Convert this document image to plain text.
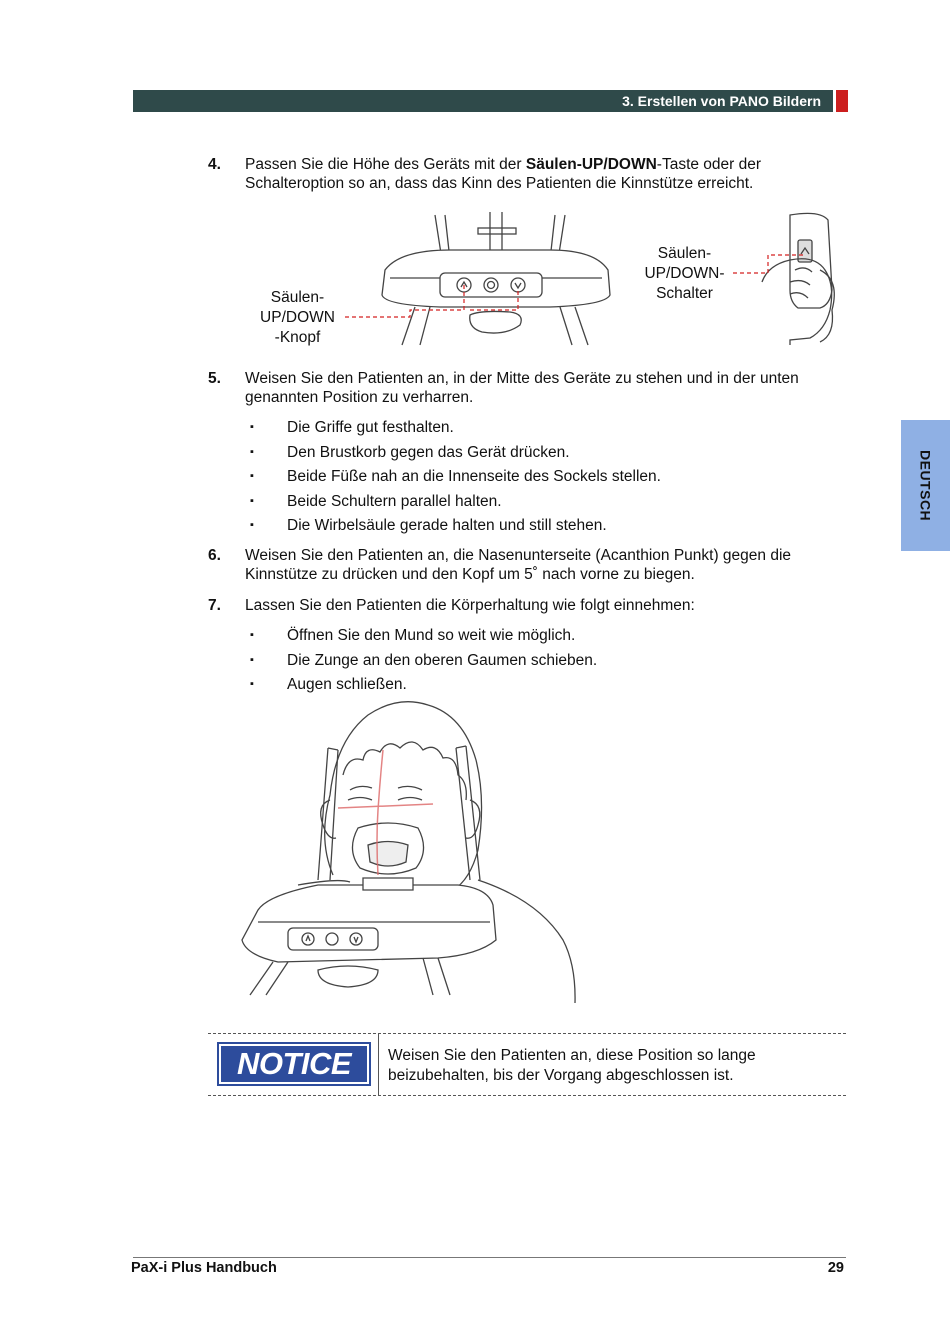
3. Erstellen von PANO Bildern
DEUTSCH
4. Passen Sie die Höhe des Geräts mit der Säulen-UP/DOWN-Taste oder der Schalteroption so an, dass das Kinn des Patienten die Kinnstütze erreicht.
Säulen-
UP/DOWN
-Knopf
Säulen-
UP/DOWN-
Schalter
5. Weisen Sie den Patienten an, in der Mitte des Geräte zu stehen und in der unten genannten Position zu verharren.
▪ Die Griffe gut festhalten.
▪ Den Brustkorb gegen das Gerät drücken.
▪ Beide Füße nah an die Innenseite des Sockels stellen.
▪ Beide Schultern parallel halten.
▪ Die Wirbelsäule gerade halten und still stehen.
6. Weisen Sie den Patienten an, die Nasenunterseite (Acanthion Punkt) gegen die Kinnstütze zu drücken und den Kopf um 5˚ nach vorne zu biegen.
7. Lassen Sie den Patienten die Körperhaltung wie folgt einnehmen:
▪ Öffnen Sie den Mund so weit wie möglich.
▪ Die Zunge an den oberen Gaumen schieben.
▪ Augen schließen.
NOTICE	Weisen Sie den Patienten an, diese Position so lange beizubehalten, bis der Vorgang abgeschlossen ist.
PaX-i Plus Handbuch	29
